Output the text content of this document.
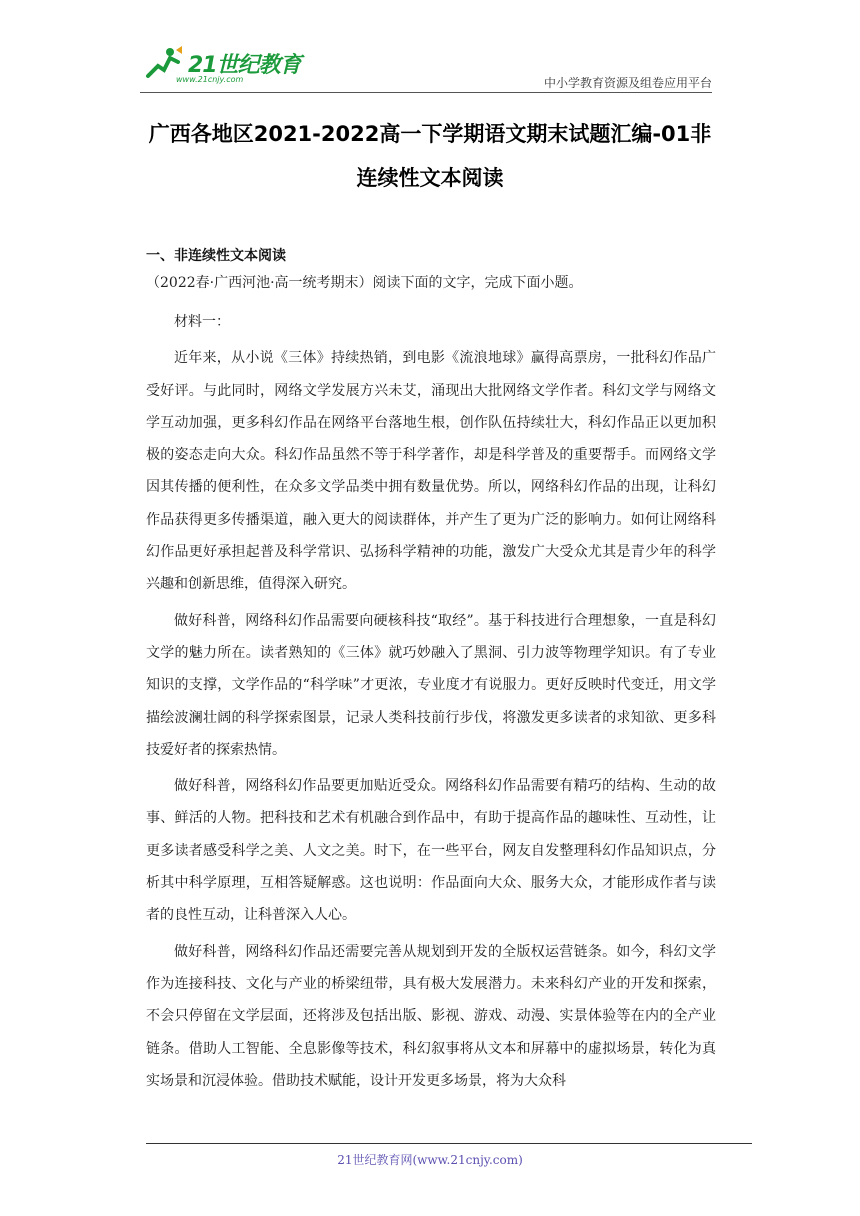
21世纪教育
www.21cnjy.com	中小学教育资源及组卷应用平台
广西各地区2021-2022高一下学期语文期末试题汇编-01非连续性文本阅读
一、非连续性文本阅读
（2022春·广西河池·高一统考期末）阅读下面的文字，完成下面小题。

材料一：

近年来，从小说《三体》持续热销，到电影《流浪地球》赢得高票房，一批科幻作品广受好评。与此同时，网络文学发展方兴未艾，涌现出大批网络文学作者。科幻文学与网络文学互动加强，更多科幻作品在网络平台落地生根，创作队伍持续壮大，科幻作品正以更加积极的姿态走向大众。科幻作品虽然不等于科学著作，却是科学普及的重要帮手。而网络文学因其传播的便利性，在众多文学品类中拥有数量优势。所以，网络科幻作品的出现，让科幻作品获得更多传播渠道，融入更大的阅读群体，并产生了更为广泛的影响力。如何让网络科幻作品更好承担起普及科学常识、弘扬科学精神的功能，激发广大受众尤其是青少年的科学兴趣和创新思维，值得深入研究。

做好科普，网络科幻作品需要向硬核科技“取经”。基于科技进行合理想象，一直是科幻文学的魅力所在。读者熟知的《三体》就巧妙融入了黑洞、引力波等物理学知识。有了专业知识的支撑，文学作品的“科学味”才更浓，专业度才有说服力。更好反映时代变迁，用文学描绘波澜壮阔的科学探索图景，记录人类科技前行步伐，将激发更多读者的求知欲、更多科技爱好者的探索热情。

做好科普，网络科幻作品要更加贴近受众。网络科幻作品需要有精巧的结构、生动的故事、鲜活的人物。把科技和艺术有机融合到作品中，有助于提高作品的趣味性、互动性，让更多读者感受科学之美、人文之美。时下，在一些平台，网友自发整理科幻作品知识点，分析其中科学原理，互相答疑解惑。这也说明：作品面向大众、服务大众，才能形成作者与读者的良性互动，让科普深入人心。

做好科普，网络科幻作品还需要完善从规划到开发的全版权运营链条。如今，科幻文学作为连接科技、文化与产业的桥梁纽带，具有极大发展潜力。未来科幻产业的开发和探索，不会只停留在文学层面，还将涉及包括出版、影视、游戏、动漫、实景体验等在内的全产业链条。借助人工智能、全息影像等技术，科幻叙事将从文本和屏幕中的虚拟场景，转化为真实场景和沉浸体验。借助技术赋能，设计开发更多场景，将为大众科

21世纪教育网(www.21cnjy.com)
